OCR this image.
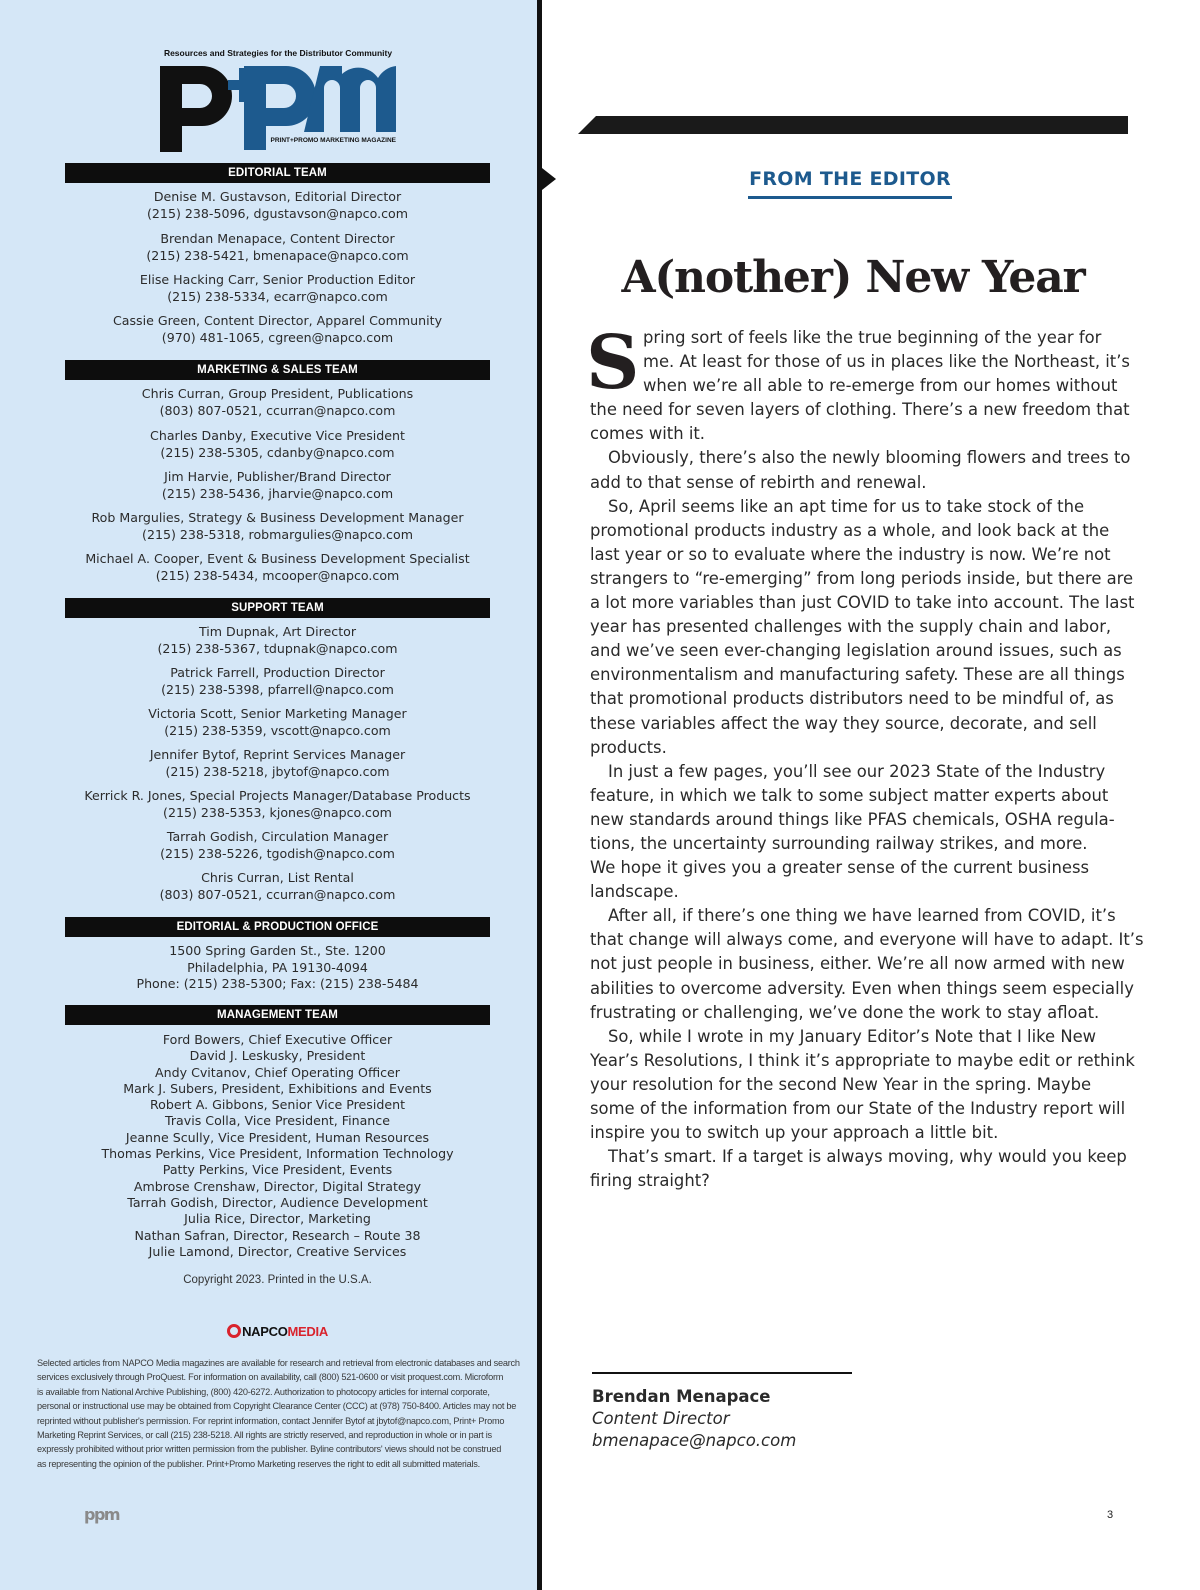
Resources and Strategies for the Distributor Community
PRINT+PROMO MARKETING MAGAZINE
EDITORIAL TEAM
Denise M. Gustavson, Editorial Director
(215) 238-5096, dgustavson@napco.com
Brendan Menapace, Content Director
(215) 238-5421, bmenapace@napco.com
Elise Hacking Carr, Senior Production Editor
(215) 238-5334, ecarr@napco.com
Cassie Green, Content Director, Apparel Community
(970) 481-1065, cgreen@napco.com
MARKETING & SALES TEAM
Chris Curran, Group President, Publications
(803) 807-0521, ccurran@napco.com
Charles Danby, Executive Vice President
(215) 238-5305, cdanby@napco.com
Jim Harvie, Publisher/Brand Director
(215) 238-5436, jharvie@napco.com
Rob Margulies, Strategy & Business Development Manager
(215) 238-5318, robmargulies@napco.com
Michael A. Cooper, Event & Business Development Specialist
(215) 238-5434, mcooper@napco.com
SUPPORT TEAM
Tim Dupnak, Art Director
(215) 238-5367, tdupnak@napco.com
Patrick Farrell, Production Director
(215) 238-5398, pfarrell@napco.com
Victoria Scott, Senior Marketing Manager
(215) 238-5359, vscott@napco.com
Jennifer Bytof, Reprint Services Manager
(215) 238-5218, jbytof@napco.com
Kerrick R. Jones, Special Projects Manager/Database Products
(215) 238-5353, kjones@napco.com
Tarrah Godish, Circulation Manager
(215) 238-5226, tgodish@napco.com
Chris Curran, List Rental
(803) 807-0521, ccurran@napco.com
EDITORIAL & PRODUCTION OFFICE
1500 Spring Garden St., Ste. 1200
Philadelphia, PA 19130-4094
Phone: (215) 238-5300; Fax: (215) 238-5484
MANAGEMENT TEAM
Ford Bowers, Chief Executive Officer
David J. Leskusky, President
Andy Cvitanov, Chief Operating Officer
Mark J. Subers, President, Exhibitions and Events
Robert A. Gibbons, Senior Vice President
Travis Colla, Vice President, Finance
Jeanne Scully, Vice President, Human Resources
Thomas Perkins, Vice President, Information Technology
Patty Perkins, Vice President, Events
Ambrose Crenshaw, Director, Digital Strategy
Tarrah Godish, Director, Audience Development
Julia Rice, Director, Marketing
Nathan Safran, Director, Research – Route 38
Julie Lamond, Director, Creative Services
Copyright 2023. Printed in the U.S.A.
NAPCOMEDIA
Selected articles from NAPCO Media magazines are available for research and retrieval from electronic databases and search
services exclusively through ProQuest. For information on availability, call (800) 521-0600 or visit proquest.com. Microform
is available from National Archive Publishing, (800) 420-6272. Authorization to photocopy articles for internal corporate,
personal or instructional use may be obtained from Copyright Clearance Center (CCC) at (978) 750-8400. Articles may not be
reprinted without publisher's permission. For reprint information, contact Jennifer Bytof at jbytof@napco.com, Print+ Promo
Marketing Reprint Services, or call (215) 238-5218. All rights are strictly reserved, and reproduction in whole or in part is
expressly prohibited without prior written permission from the publisher. Byline contributors' views should not be construed
as representing the opinion of the publisher. Print+Promo Marketing reserves the right to edit all submitted materials.
ppm
FROM THE EDITOR
A(nother) New Year
S pring sort of feels like the true beginning of the year for
me. At least for those of us in places like the Northeast, it’s
when we’re all able to re-emerge from our homes without
the need for seven layers of clothing. There’s a new freedom that
comes with it.
Obviously, there’s also the newly blooming flowers and trees to
add to that sense of rebirth and renewal.
So, April seems like an apt time for us to take stock of the
promotional products industry as a whole, and look back at the
last year or so to evaluate where the industry is now. We’re not
strangers to “re-emerging” from long periods inside, but there are
a lot more variables than just COVID to take into account. The last
year has presented challenges with the supply chain and labor,
and we’ve seen ever-changing legislation around issues, such as
environmentalism and manufacturing safety. These are all things
that promotional products distributors need to be mindful of, as
these variables affect the way they source, decorate, and sell
products.
In just a few pages, you’ll see our 2023 State of the Industry
feature, in which we talk to some subject matter experts about
new standards around things like PFAS chemicals, OSHA regula-
tions, the uncertainty surrounding railway strikes, and more.
We hope it gives you a greater sense of the current business
landscape.
After all, if there’s one thing we have learned from COVID, it’s
that change will always come, and everyone will have to adapt. It’s
not just people in business, either. We’re all now armed with new
abilities to overcome adversity. Even when things seem especially
frustrating or challenging, we’ve done the work to stay afloat.
So, while I wrote in my January Editor’s Note that I like New
Year’s Resolutions, I think it’s appropriate to maybe edit or rethink
your resolution for the second New Year in the spring. Maybe
some of the information from our State of the Industry report will
inspire you to switch up your approach a little bit.
That’s smart. If a target is always moving, why would you keep
firing straight?
Brendan Menapace
Content Director
bmenapace@napco.com
3
